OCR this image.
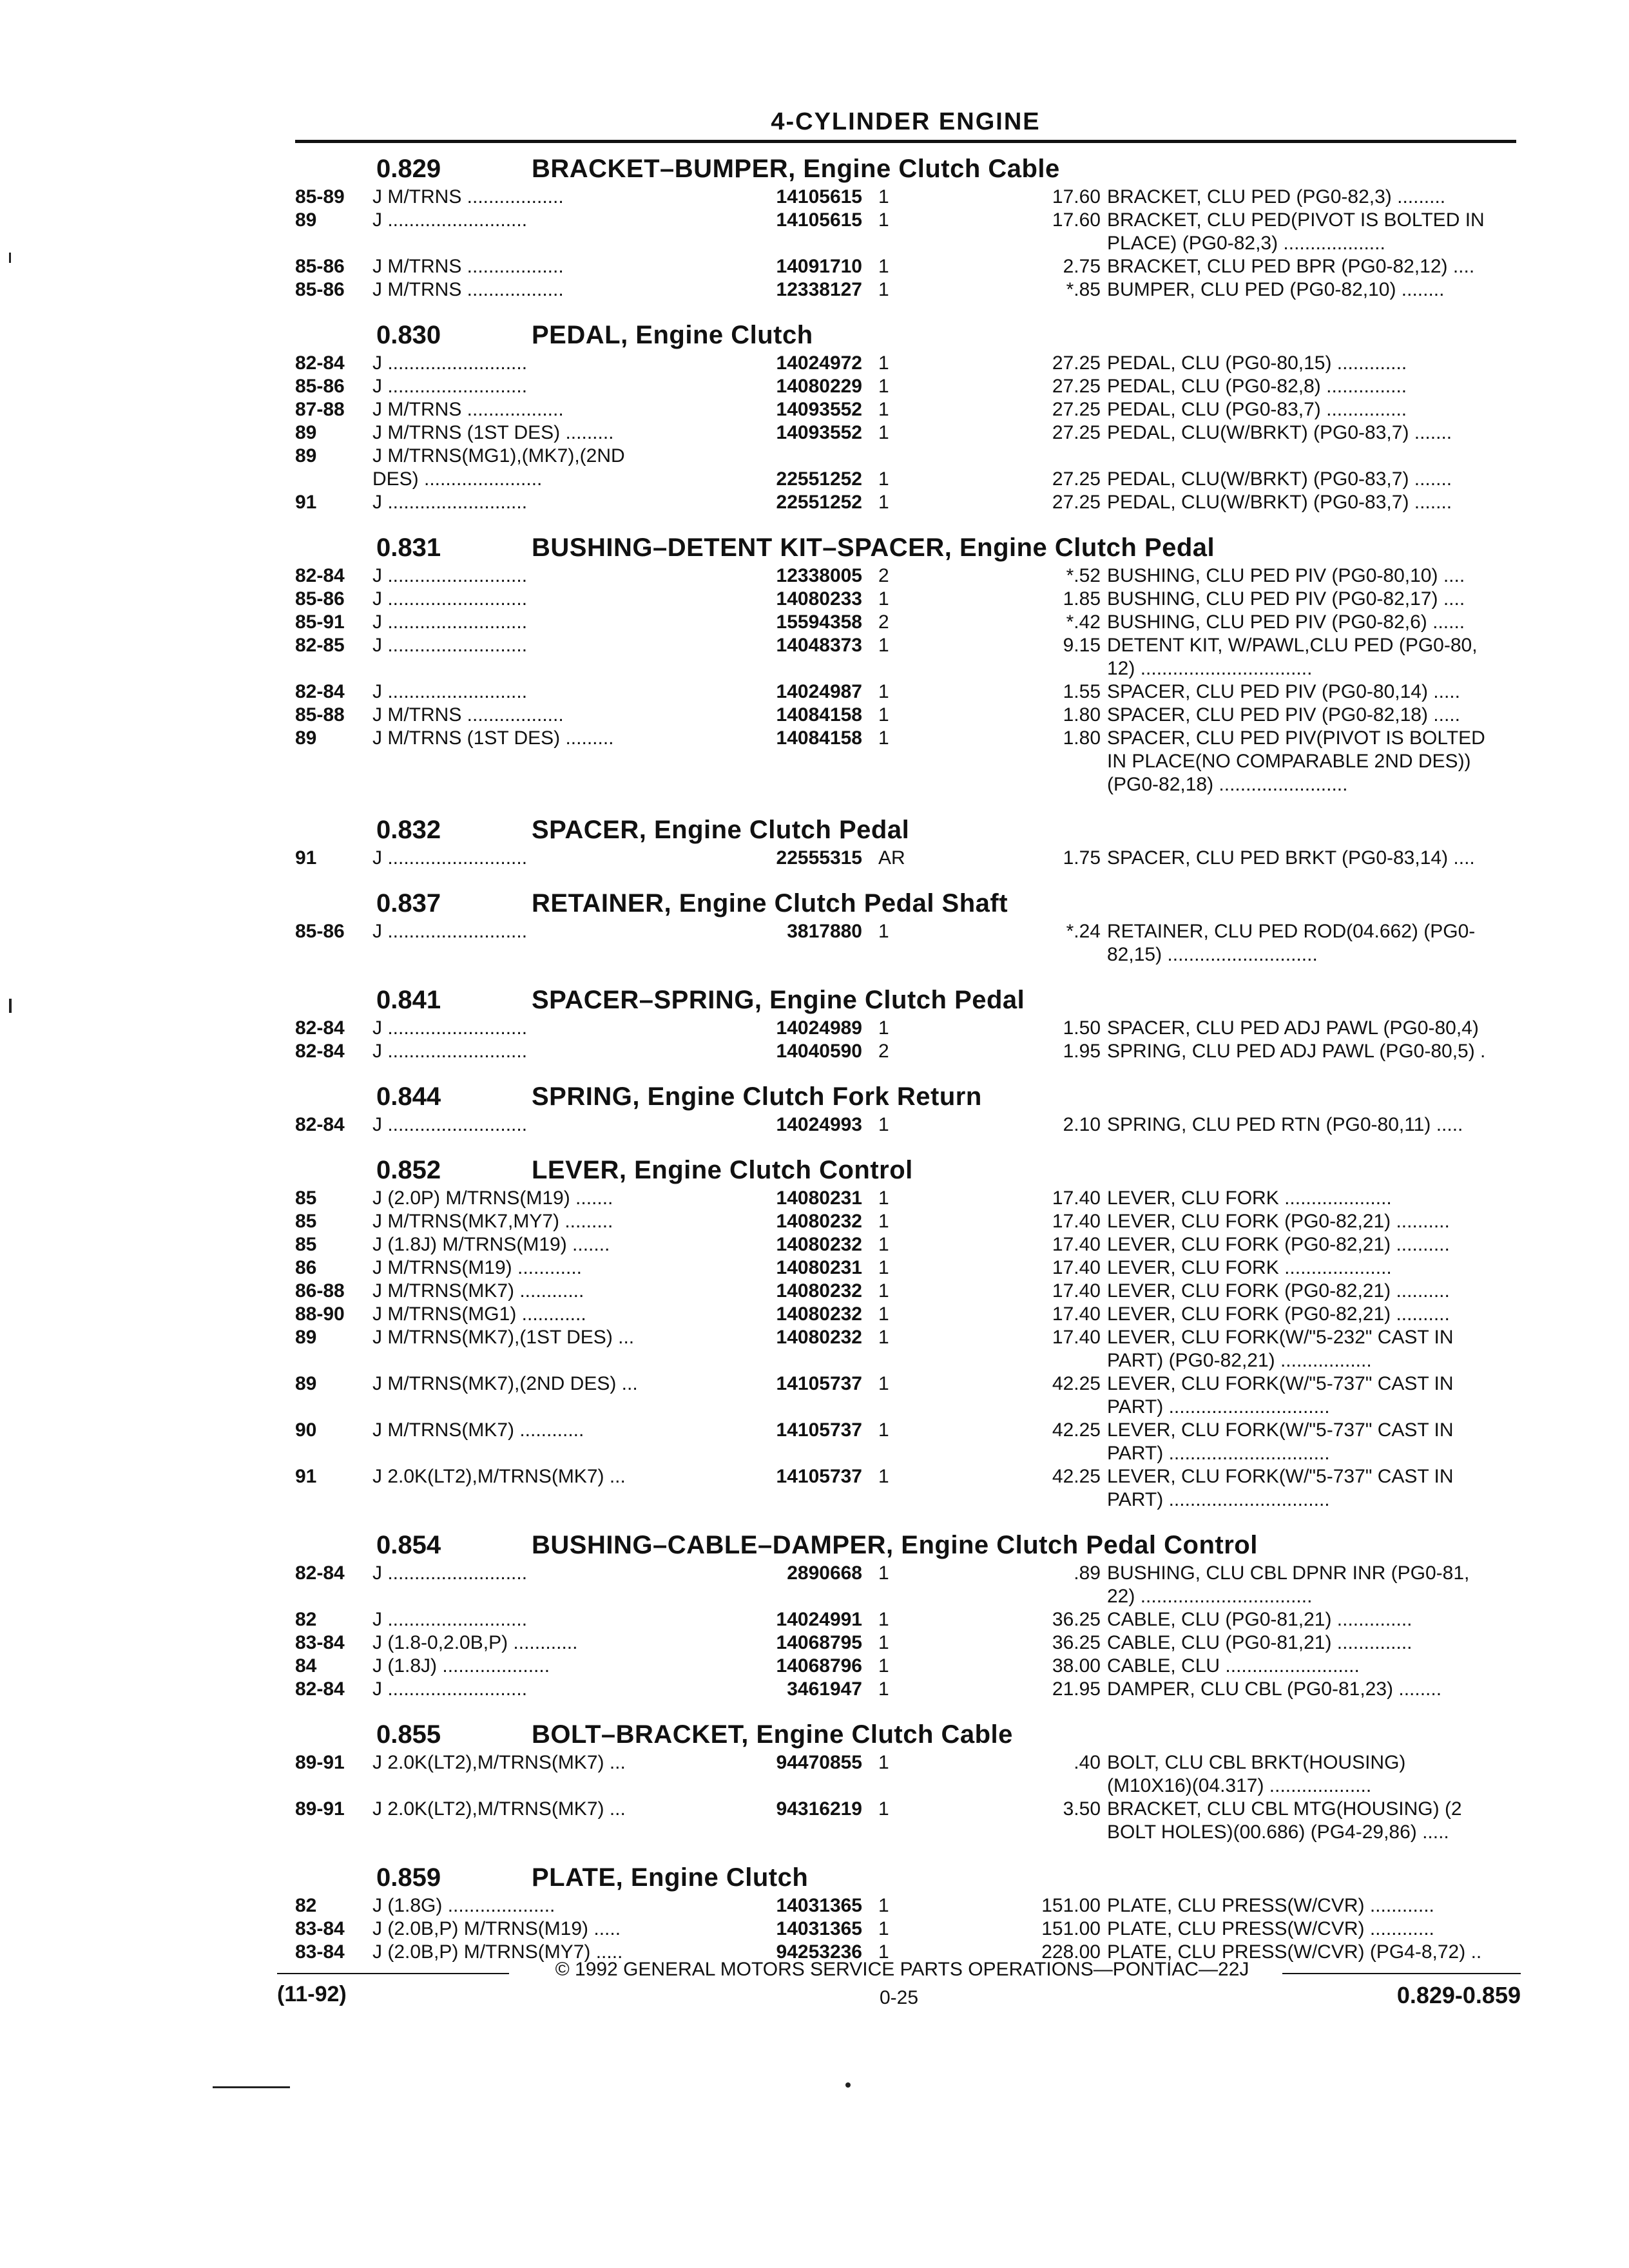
4-CYLINDER ENGINE
0.829	BRACKET–BUMPER, Engine Clutch Cable
85-89	J M/TRNS ..................	14105615 1	17.60 BRACKET, CLU PED (PG0-82,3) .........
89	J ..........................	14105615 1	17.60 BRACKET, CLU PED(PIVOT IS BOLTED IN
PLACE) (PG0-82,3) ...................
85-86	J M/TRNS ..................	14091710 1	2.75 BRACKET, CLU PED BPR (PG0-82,12) ....
85-86	J M/TRNS ..................	12338127 1	*.85 BUMPER, CLU PED (PG0-82,10) ........
0.830	PEDAL, Engine Clutch
82-84	J ..........................	14024972 1	27.25 PEDAL, CLU (PG0-80,15) .............
85-86	J ..........................	14080229 1	27.25 PEDAL, CLU (PG0-82,8) ...............
87-88	J M/TRNS ..................	14093552 1	27.25 PEDAL, CLU (PG0-83,7) ...............
89	J M/TRNS (1ST DES) .........	14093552 1	27.25 PEDAL, CLU(W/BRKT) (PG0-83,7) .......
89	J M/TRNS(MG1),(MK7),(2ND
DES) ......................	22551252 1	27.25 PEDAL, CLU(W/BRKT) (PG0-83,7) .......
91	J ..........................	22551252 1	27.25 PEDAL, CLU(W/BRKT) (PG0-83,7) .......
0.831	BUSHING–DETENT KIT–SPACER, Engine Clutch Pedal
82-84	J ..........................	12338005 2	*.52 BUSHING, CLU PED PIV (PG0-80,10) ....
85-86	J ..........................	14080233 1	1.85 BUSHING, CLU PED PIV (PG0-82,17) ....
85-91	J ..........................	15594358 2	*.42 BUSHING, CLU PED PIV (PG0-82,6) ......
82-85	J ..........................	14048373 1	9.15 DETENT KIT, W/PAWL,CLU PED (PG0-80,
12) ................................
82-84	J ..........................	14024987 1	1.55 SPACER, CLU PED PIV (PG0-80,14) .....
85-88	J M/TRNS ..................	14084158 1	1.80 SPACER, CLU PED PIV (PG0-82,18) .....
89	J M/TRNS (1ST DES) .........	14084158 1	1.80 SPACER, CLU PED PIV(PIVOT IS BOLTED
IN PLACE(NO COMPARABLE 2ND DES))
(PG0-82,18) ........................
0.832	SPACER, Engine Clutch Pedal
91	J ..........................	22555315 AR	1.75 SPACER, CLU PED BRKT (PG0-83,14) ....
0.837	RETAINER, Engine Clutch Pedal Shaft
85-86	J ..........................	3817880 1	*.24 RETAINER, CLU PED ROD(04.662) (PG0-
82,15) ............................
0.841	SPACER–SPRING, Engine Clutch Pedal
82-84	J ..........................	14024989 1	1.50 SPACER, CLU PED ADJ PAWL (PG0-80,4)
82-84	J ..........................	14040590 2	1.95 SPRING, CLU PED ADJ PAWL (PG0-80,5) .
0.844	SPRING, Engine Clutch Fork Return
82-84	J ..........................	14024993 1	2.10 SPRING, CLU PED RTN (PG0-80,11) .....
0.852	LEVER, Engine Clutch Control
85	J (2.0P) M/TRNS(M19) .......	14080231 1	17.40 LEVER, CLU FORK ....................
85	J M/TRNS(MK7,MY7) .........	14080232 1	17.40 LEVER, CLU FORK (PG0-82,21) ..........
85	J (1.8J) M/TRNS(M19) .......	14080232 1	17.40 LEVER, CLU FORK (PG0-82,21) ..........
86	J M/TRNS(M19) ............	14080231 1	17.40 LEVER, CLU FORK ....................
86-88	J M/TRNS(MK7) ............	14080232 1	17.40 LEVER, CLU FORK (PG0-82,21) ..........
88-90	J M/TRNS(MG1) ............	14080232 1	17.40 LEVER, CLU FORK (PG0-82,21) ..........
89	J M/TRNS(MK7),(1ST DES) ...	14080232 1	17.40 LEVER, CLU FORK(W/"5-232" CAST IN
PART) (PG0-82,21) .................
89	J M/TRNS(MK7),(2ND DES) ...	14105737 1	42.25 LEVER, CLU FORK(W/"5-737" CAST IN
PART) ..............................
90	J M/TRNS(MK7) ............	14105737 1	42.25 LEVER, CLU FORK(W/"5-737" CAST IN
PART) ..............................
91	J 2.0K(LT2),M/TRNS(MK7) ...	14105737 1	42.25 LEVER, CLU FORK(W/"5-737" CAST IN
PART) ..............................
0.854	BUSHING–CABLE–DAMPER, Engine Clutch Pedal Control
82-84	J ..........................	2890668 1	.89 BUSHING, CLU CBL DPNR INR (PG0-81,
22) ................................
82	J ..........................	14024991 1	36.25 CABLE, CLU (PG0-81,21) ..............
83-84	J (1.8-0,2.0B,P) ............	14068795 1	36.25 CABLE, CLU (PG0-81,21) ..............
84	J (1.8J) ....................	14068796 1	38.00 CABLE, CLU .........................
82-84	J ..........................	3461947 1	21.95 DAMPER, CLU CBL (PG0-81,23) ........
0.855	BOLT–BRACKET, Engine Clutch Cable
89-91	J 2.0K(LT2),M/TRNS(MK7) ...	94470855 1	.40 BOLT, CLU CBL BRKT(HOUSING)
(M10X16)(04.317) ...................
89-91	J 2.0K(LT2),M/TRNS(MK7) ...	94316219 1	3.50 BRACKET, CLU CBL MTG(HOUSING) (2
BOLT HOLES)(00.686) (PG4-29,86) .....
0.859	PLATE, Engine Clutch
82	J (1.8G) ....................	14031365 1	151.00 PLATE, CLU PRESS(W/CVR) ............
83-84	J (2.0B,P) M/TRNS(M19) .....	14031365 1	151.00 PLATE, CLU PRESS(W/CVR) ............
83-84	J (2.0B,P) M/TRNS(MY7) .....	94253236 1	228.00 PLATE, CLU PRESS(W/CVR) (PG4-8,72) ..
© 1992 GENERAL MOTORS SERVICE PARTS OPERATIONS—PONTIAC—22J
(11-92)	0-25	0.829-0.859
